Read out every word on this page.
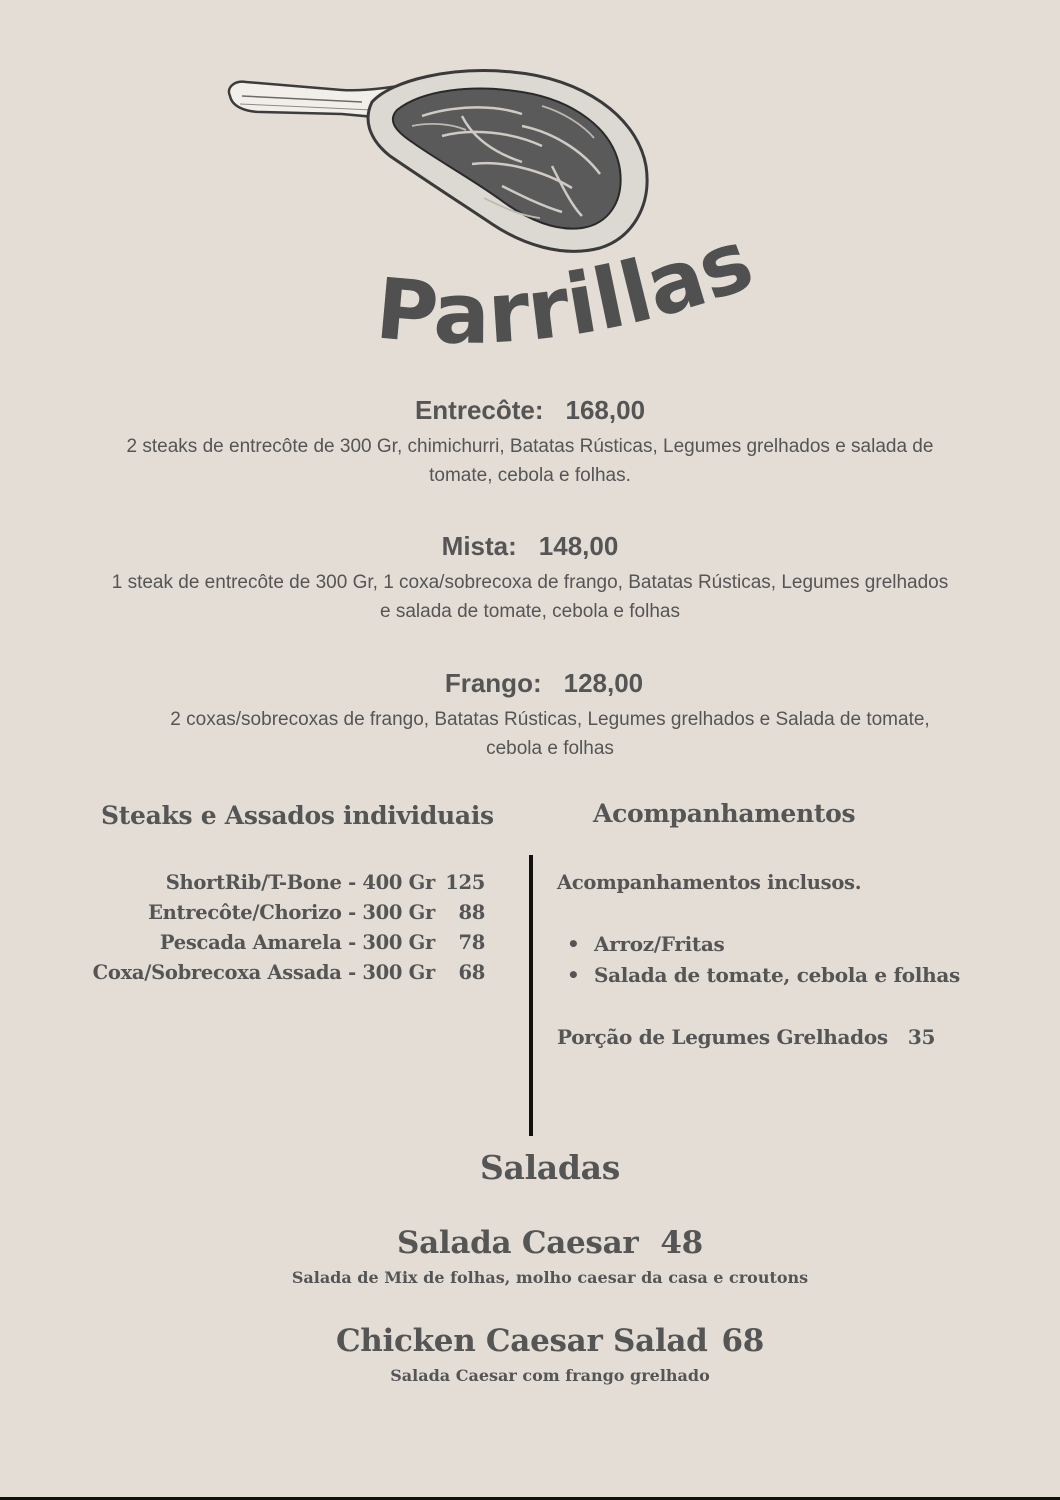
Parrillas
Entrecôte: 168,00
2 steaks de entrecôte de 300 Gr, chimichurri, Batatas Rústicas, Legumes grelhados e salada de tomate, cebola e folhas.
Mista: 148,00
1 steak de entrecôte de 300 Gr, 1 coxa/sobrecoxa de frango, Batatas Rústicas, Legumes grelhados e salada de tomate, cebola e folhas
Frango: 128,00
2 coxas/sobrecoxas de frango, Batatas Rústicas, Legumes grelhados e Salada de tomate, cebola e folhas
Steaks e Assados individuais
ShortRib/T-Bone - 400 Gr 125
Entrecôte/Chorizo - 300 Gr	88
Pescada Amarela - 300 Gr	78
Coxa/Sobrecoxa Assada - 300 Gr	68
Acompanhamentos
Acompanhamentos inclusos.
• Arroz/Fritas
• Salada de tomate, cebola e folhas
Porção de Legumes Grelhados   35
Saladas
Salada Caesar 48
Salada de Mix de folhas, molho caesar da casa e croutons
Chicken Caesar Salad 68
Salada Caesar com frango grelhado
